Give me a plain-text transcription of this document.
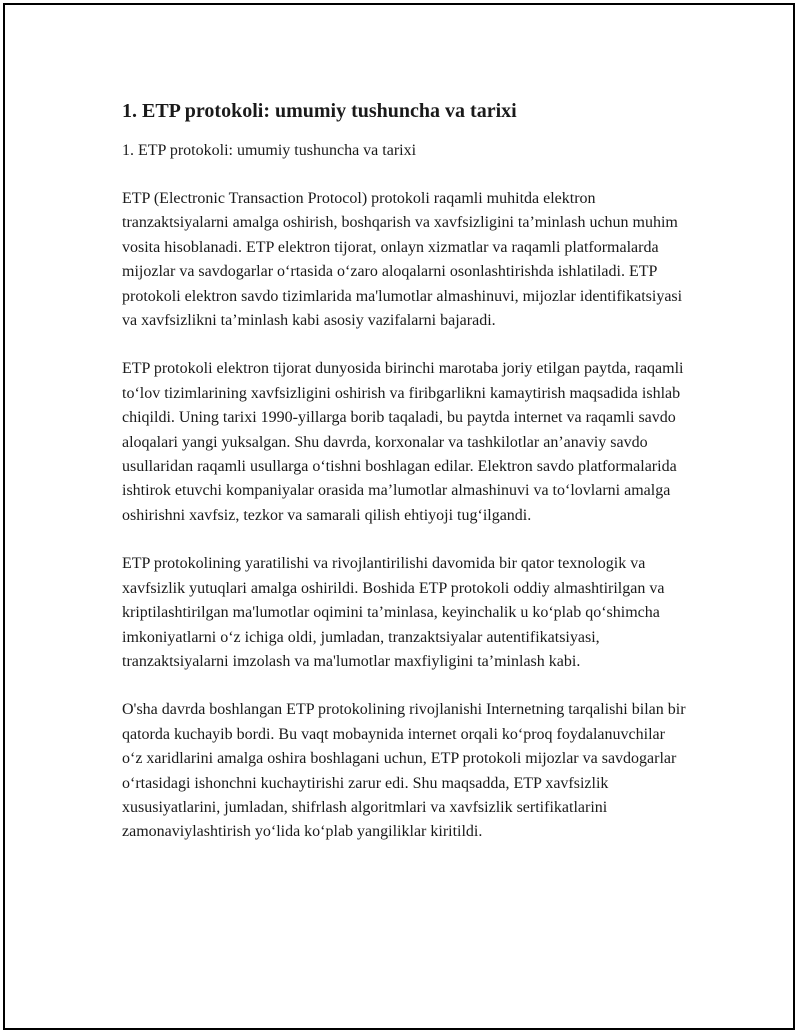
1. ETP protokoli: umumiy tushuncha va tarixi

1. ETP protokoli: umumiy tushuncha va tarixi

ETP (Electronic Transaction Protocol) protokoli raqamli muhitda elektron tranzaktsiyalarni amalga oshirish, boshqarish va xavfsizligini ta’minlash uchun muhim vosita hisoblanadi. ETP elektron tijorat, onlayn xizmatlar va raqamli platformalarda mijozlar va savdogarlar o‘rtasida o‘zaro aloqalarni osonlashtirishda ishlatiladi. ETP protokoli elektron savdo tizimlarida ma'lumotlar almashinuvi, mijozlar identifikatsiyasi va xavfsizlikni ta’minlash kabi asosiy vazifalarni bajaradi.

ETP protokoli elektron tijorat dunyosida birinchi marotaba joriy etilgan paytda, raqamli to‘lov tizimlarining xavfsizligini oshirish va firibgarlikni kamaytirish maqsadida ishlab chiqildi. Uning tarixi 1990-yillarga borib taqaladi, bu paytda internet va raqamli savdo aloqalari yangi yuksalgan. Shu davrda, korxonalar va tashkilotlar an’anaviy savdo usullaridan raqamli usullarga o‘tishni boshlagan edilar. Elektron savdo platformalarida ishtirok etuvchi kompaniyalar orasida ma’lumotlar almashinuvi va to‘lovlarni amalga oshirishni xavfsiz, tezkor va samarali qilish ehtiyoji tug‘ilgandi.

ETP protokolining yaratilishi va rivojlantirilishi davomida bir qator texnologik va xavfsizlik yutuqlari amalga oshirildi. Boshida ETP protokoli oddiy almashtirilgan va kriptilashtirilgan ma'lumotlar oqimini ta’minlasa, keyinchalik u ko‘plab qo‘shimcha imkoniyatlarni o‘z ichiga oldi, jumladan, tranzaktsiyalar autentifikatsiyasi, tranzaktsiyalarni imzolash va ma'lumotlar maxfiyligini ta’minlash kabi.

O'sha davrda boshlangan ETP protokolining rivojlanishi Internetning tarqalishi bilan bir qatorda kuchayib bordi. Bu vaqt mobaynida internet orqali ko‘proq foydalanuvchilar o‘z xaridlarini amalga oshira boshlagani uchun, ETP protokoli mijozlar va savdogarlar o‘rtasidagi ishonchni kuchaytirishi zarur edi. Shu maqsadda, ETP xavfsizlik xususiyatlarini, jumladan, shifrlash algoritmlari va xavfsizlik sertifikatlarini zamonaviylashtirish yo‘lida ko‘plab yangiliklar kiritildi.
